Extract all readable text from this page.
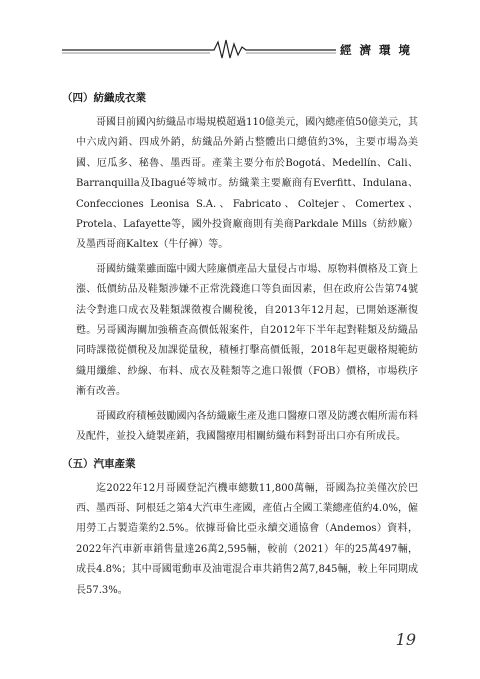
經濟環境
（四）紡織成衣業

哥國目前國內紡織品市場規模超過110億美元，國內總產值50億美元，其中六成內銷、四成外銷，紡織品外銷占整體出口總值約3%，主要市場為美國、厄瓜多、秘魯、墨西哥。產業主要分布於Bogotá、Medellín、Cali、Barranquilla及Ibagué等城市。紡織業主要廠商有Everfitt、Indulana、Confecciones Leonisa S.A.、Fabricato、Coltejer、Comertex、Protela、Lafayette等，國外投資廠商則有美商Parkdale Mills（紡紗廠）及墨西哥商Kaltex（牛仔褲）等。

哥國紡織業雖面臨中國大陸廉價產品大量侵占市場、原物料價格及工資上漲、低價紡品及鞋類涉嫌不正常洗錢進口等負面因素，但在政府公告第74號法令對進口成衣及鞋類課徵複合關稅後，自2013年12月起，已開始逐漸復甦。另哥國海關加強稽查高價低報案件，自2012年下半年起對鞋類及紡織品同時課徵從價稅及加課從量稅，積極打擊高價低報，2018年起更嚴格規範紡織用纖維、紗線、布料、成衣及鞋類等之進口報價（FOB）價格，市場秩序漸有改善。

哥國政府積極鼓勵國內各紡織廠生產及進口醫療口罩及防護衣帽所需布料及配件，並投入縫製產銷，我國醫療用相關紡織布料對哥出口亦有所成長。

（五）汽車產業

迄2022年12月哥國登記汽機車總數11,800萬輛，哥國為拉美僅次於巴西、墨西哥、阿根廷之第4大汽車生產國，產值占全國工業總產值約4.0%，僱用勞工占製造業約2.5%。依據哥倫比亞永續交通協會（Andemos）資料，2022年汽車新車銷售量達26萬2,595輛，較前（2021）年的25萬497輛，成長4.8%；其中哥國電動車及油電混合車共銷售2萬7,845輛，較上年同期成長57.3%。

19
